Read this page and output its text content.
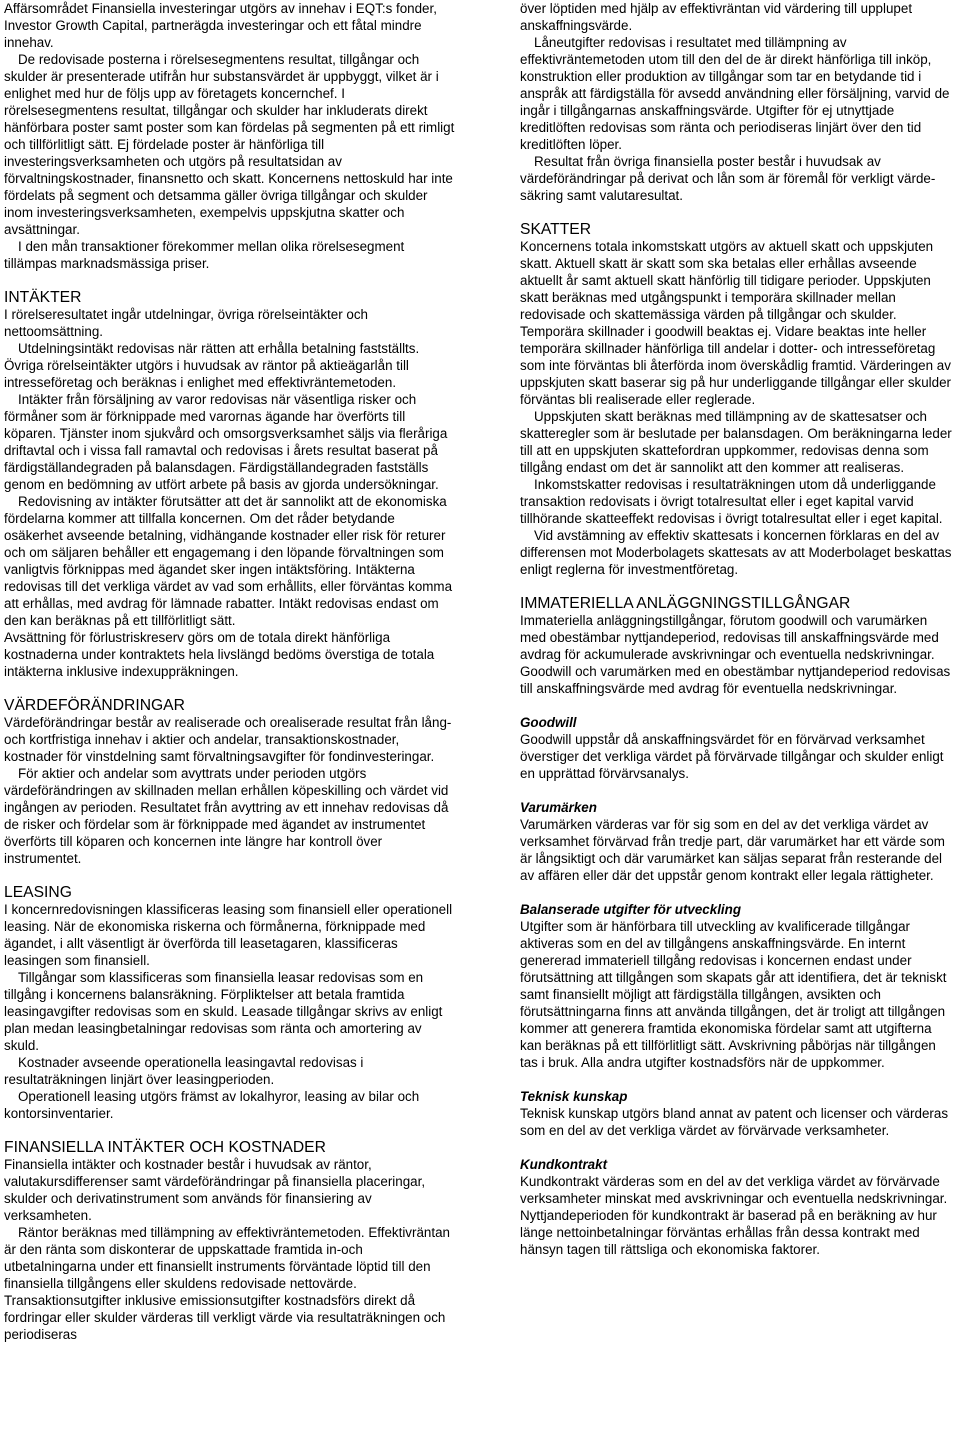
Affärsområdet Finansiella investeringar utgörs av innehav i EQT:s fonder, Investor Growth Capital, partnerägda investeringar och ett fåtal mindre innehav.

De redovisade posterna i rörelsesegmentens resultat, tillgångar och skulder är presenterade utifrån hur substansvärdet är uppbyggt, vilket är i enlighet med hur de följs upp av företagets koncernchef. I rörelsesegmentens resultat, tillgångar och skulder har inkluderats direkt hänförbara poster samt poster som kan fördelas på segmenten på ett rimligt och tillförlitligt sätt. Ej fördelade poster är hänförliga till investeringsverksamheten och utgörs på resultatsidan av förvaltningskostnader, finansnetto och skatt. Koncernens nettoskuld har inte fördelats på segment och detsamma gäller övriga tillgångar och skulder inom investeringsverksamheten, exempelvis uppskjutna skatter och avsättningar.

I den mån transaktioner förekommer mellan olika rörelsesegment tillämpas marknadsmässiga priser.

INTÄKTER

I rörelseresultatet ingår utdelningar, övriga rörelseintäkter och nettoomsättning.

Utdelningsintäkt redovisas när rätten att erhålla betalning fastställts. Övriga rörelseintäkter utgörs i huvudsak av räntor på aktieägarlån till intresseföretag och beräknas i enlighet med effektivräntemetoden.

Intäkter från försäljning av varor redovisas när väsentliga risker och förmåner som är förknippade med varornas ägande har överförts till köparen. Tjänster inom sjukvård och omsorgsverksamhet säljs via fleråriga driftavtal och i vissa fall ramavtal och redovisas i årets resultat baserat på färdigställandegraden på balansdagen. Färdigställandegraden fastställs genom en bedömning av utfört arbete på basis av gjorda undersökningar.

Redovisning av intäkter förutsätter att det är sannolikt att de ekonomiska fördelarna kommer att tillfalla koncernen. Om det råder betydande osäkerhet avseende betalning, vidhängande kostnader eller risk för returer och om säljaren behåller ett engagemang i den löpande förvaltningen som vanligtvis förknippas med ägandet sker ingen intäktsföring. Intäkterna redovisas till det verkliga värdet av vad som erhållits, eller förväntas komma att erhållas, med avdrag för lämnade rabatter. Intäkt redovisas endast om den kan beräknas på ett tillförlitligt sätt.

Avsättning för förlustriskreserv görs om de totala direkt hänförliga kostnaderna under kontraktets hela livslängd bedöms överstiga de totala intäkterna inklusive indexuppräkningen.

VÄRDEFÖRÄNDRINGAR

Värdeförändringar består av realiserade och orealiserade resultat från lång- och kortfristiga innehav i aktier och andelar, transaktionskostnader, kostnader för vinstdelning samt förvaltningsavgifter för fondinvesteringar.

För aktier och andelar som avyttrats under perioden utgörs värdeförändringen av skillnaden mellan erhållen köpeskilling och värdet vid ingången av perioden. Resultatet från avyttring av ett innehav redovisas då de risker och fördelar som är förknippade med ägandet av instrumentet överförts till köparen och koncernen inte längre har kontroll över instrumentet.

LEASING

I koncernredovisningen klassificeras leasing som finansiell eller operationell leasing. När de ekonomiska riskerna och förmånerna, förknippade med ägandet, i allt väsentligt är överförda till leasetagaren, klassificeras leasingen som finansiell.

Tillgångar som klassificeras som finansiella leasar redovisas som en tillgång i koncernens balansräkning. Förpliktelser att betala framtida leasingavgifter redovisas som en skuld. Leasade tillgångar skrivs av enligt plan medan leasingbetalningar redovisas som ränta och amortering av skuld.

Kostnader avseende operationella leasingavtal redovisas i resultaträkningen linjärt över leasingperioden.

Operationell leasing utgörs främst av lokalhyror, leasing av bilar och kontorsinventarier.

FINANSIELLA INTÄKTER OCH KOSTNADER

Finansiella intäkter och kostnader består i huvudsak av räntor, valutakursdifferenser samt värdeförändringar på finansiella placeringar, skulder och derivatinstrument som används för finansiering av verksamheten.

Räntor beräknas med tillämpning av effektivräntemetoden. Effektivräntan är den ränta som diskonterar de uppskattade framtida in-och utbetalningarna under ett finansiellt instruments förväntade löptid till den finansiella tillgångens eller skuldens redovisade nettovärde. Transaktionsutgifter inklusive emissionsutgifter kostnadsförs direkt då fordringar eller skulder värderas till verkligt värde via resultaträkningen och periodiseras

över löptiden med hjälp av effektivräntan vid värdering till upplupet anskaffningsvärde.

Låneutgifter redovisas i resultatet med tillämpning av effektivräntemetoden utom till den del de är direkt hänförliga till inköp, konstruktion eller produktion av tillgångar som tar en betydande tid i anspråk att färdigställa för avsedd användning eller försäljning, varvid de ingår i tillgångarnas anskaffningsvärde. Utgifter för ej utnyttjade kreditlöften redovisas som ränta och periodiseras linjärt över den tid kreditlöften löper.

Resultat från övriga finansiella poster består i huvudsak av värdeförändringar på derivat och lån som är föremål för verkligt värde-säkring samt valutaresultat.

SKATTER

Koncernens totala inkomstskatt utgörs av aktuell skatt och uppskjuten skatt. Aktuell skatt är skatt som ska betalas eller erhållas avseende aktuellt år samt aktuell skatt hänförlig till tidigare perioder. Uppskjuten skatt beräknas med utgångspunkt i temporära skillnader mellan redovisade och skattemässiga värden på tillgångar och skulder. Temporära skillnader i goodwill beaktas ej. Vidare beaktas inte heller temporära skillnader hänförliga till andelar i dotter- och intresseföretag som inte förväntas bli återförda inom överskådlig framtid. Värderingen av uppskjuten skatt baserar sig på hur underliggande tillgångar eller skulder förväntas bli realiserade eller reglerade.

Uppskjuten skatt beräknas med tillämpning av de skattesatser och skatteregler som är beslutade per balansdagen. Om beräkningarna leder till att en uppskjuten skattefordran uppkommer, redovisas denna som tillgång endast om det är sannolikt att den kommer att realiseras.

Inkomstskatter redovisas i resultaträkningen utom då underliggande transaktion redovisats i övrigt totalresultat eller i eget kapital varvid tillhörande skatteeffekt redovisas i övrigt totalresultat eller i eget kapital.

Vid avstämning av effektiv skattesats i koncernen förklaras en del av differensen mot Moderbolagets skattesats av att Moderbolaget beskattas enligt reglerna för investmentföretag.

IMMATERIELLA ANLÄGGNINGSTILLGÅNGAR

Immateriella anläggningstillgångar, förutom goodwill och varumärken med obestämbar nyttjandeperiod, redovisas till anskaffningsvärde med avdrag för ackumulerade avskrivningar och eventuella nedskrivningar. Goodwill och varumärken med en obestämbar nyttjandeperiod redovisas till anskaffningsvärde med avdrag för eventuella nedskrivningar.

Goodwill

Goodwill uppstår då anskaffningsvärdet för en förvärvad verksamhet överstiger det verkliga värdet på förvärvade tillgångar och skulder enligt en upprättad förvärvsanalys.

Varumärken

Varumärken värderas var för sig som en del av det verkliga värdet av verksamhet förvärvad från tredje part, där varumärket har ett värde som är långsiktigt och där varumärket kan säljas separat från resterande del av affären eller där det uppstår genom kontrakt eller legala rättigheter.

Balanserade utgifter för utveckling

Utgifter som är hänförbara till utveckling av kvalificerade tillgångar aktiveras som en del av tillgångens anskaffningsvärde. En internt genererad immateriell tillgång redovisas i koncernen endast under förutsättning att tillgången som skapats går att identifiera, det är tekniskt samt finansiellt möjligt att färdigställa tillgången, avsikten och förutsättningarna finns att använda tillgången, det är troligt att tillgången kommer att generera framtida ekonomiska fördelar samt att utgifterna kan beräknas på ett tillförlitligt sätt. Avskrivning påbörjas när tillgången tas i bruk. Alla andra utgifter kostnadsförs när de uppkommer.

Teknisk kunskap

Teknisk kunskap utgörs bland annat av patent och licenser och värderas som en del av det verkliga värdet av förvärvade verksamheter.

Kundkontrakt

Kundkontrakt värderas som en del av det verkliga värdet av förvärvade verksamheter minskat med avskrivningar och eventuella nedskrivningar. Nyttjandeperioden för kundkontrakt är baserad på en beräkning av hur länge nettoinbetalningar förväntas erhållas från dessa kontrakt med hänsyn tagen till rättsliga och ekonomiska faktorer.
